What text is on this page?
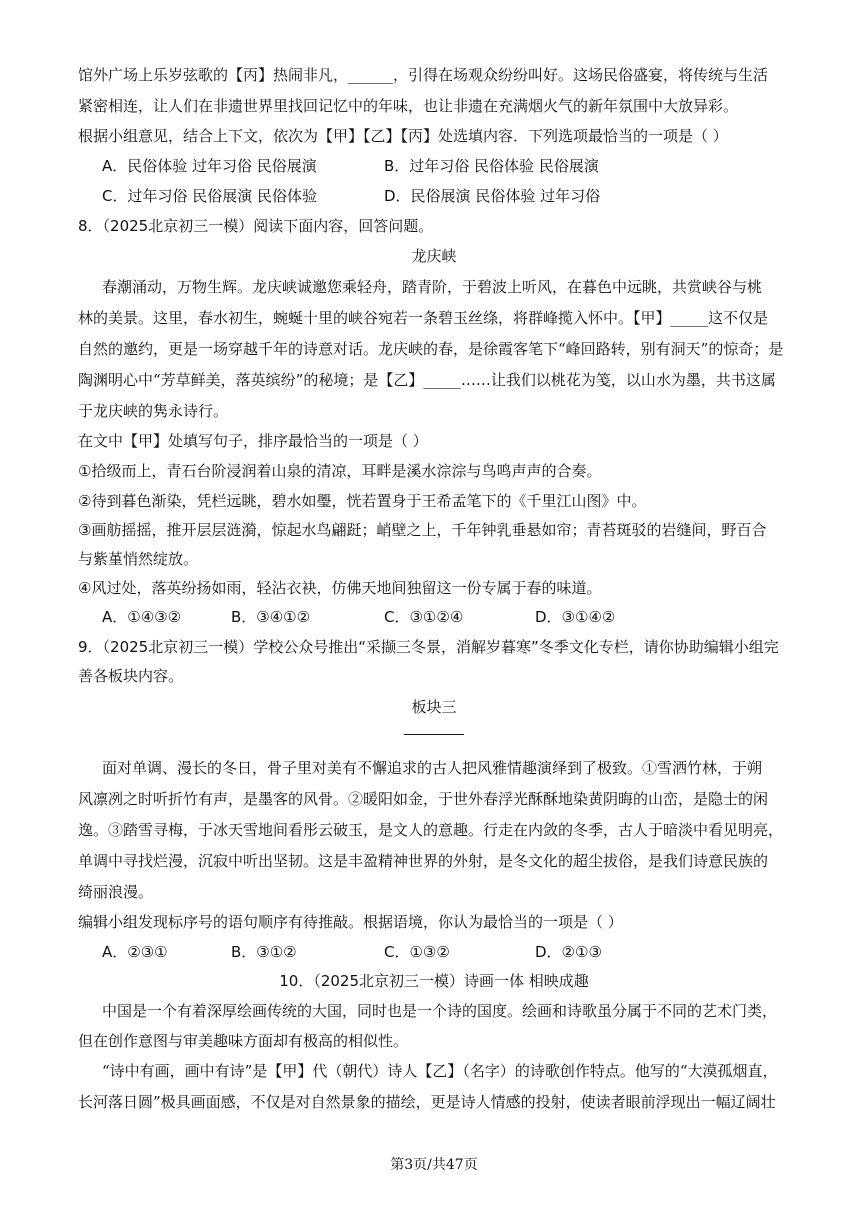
馆外广场上乐岁弦歌的【丙】热闹非凡，______，引得在场观众纷纷叫好。这场民俗盛宴，将传统与生活
紧密相连，让人们在非遗世界里找回记忆中的年味，也让非遗在充满烟火气的新年氛围中大放异彩。
根据小组意见，结合上下文，依次为【甲】【乙】【丙】处选填内容．下列选项最恰当的一项是（ ）
A．民俗体验 过年习俗 民俗展演	B．过年习俗 民俗体验 民俗展演
C．过年习俗 民俗展演 民俗体验	D．民俗展演 民俗体验 过年习俗
8．（2025北京初三一模）阅读下面内容，回答问题。
龙庆峡
春潮涌动，万物生辉。龙庆峡诚邀您乘轻舟，踏青阶，于碧波上听风，在暮色中远眺，共赏峡谷与桃
林的美景。这里，春水初生，蜿蜒十里的峡谷宛若一条碧玉丝绦，将群峰揽入怀中。【甲】_____这不仅是
自然的邀约，更是一场穿越千年的诗意对话。龙庆峡的春，是徐霞客笔下“峰回路转，别有洞天”的惊奇；是
陶渊明心中“芳草鲜美，落英缤纷”的秘境；是【乙】_____……让我们以桃花为笺，以山水为墨，共书这属
于龙庆峡的隽永诗行。
在文中【甲】处填写句子，排序最恰当的一项是（ ）
①拾级而上，青石台阶浸润着山泉的清凉，耳畔是溪水淙淙与鸟鸣声声的合奏。
②待到暮色渐染，凭栏远眺，碧水如璺，恍若置身于王希孟笔下的《千里江山图》中。
③画舫摇摇，推开层层涟漪，惊起水鸟翩跹；峭壁之上，千年钟乳垂悬如帘；青苔斑驳的岩缝间，野百合
与紫堇悄然绽放。
④风过处，落英纷扬如雨，轻沾衣袂，仿佛天地间独留这一份专属于春的味道。
A．①④③②	B．③④①②	C．③①②④	D．③①④②
9．（2025北京初三一模）学校公众号推出“采撷三冬景，消解岁暮寒”冬季文化专栏，请你协助编辑小组完
善各板块内容。
板块三
面对单调、漫长的冬日，骨子里对美有不懈追求的古人把风雅情趣演绎到了极致。①雪洒竹林，于朔
风凛冽之时听折竹有声，是墨客的风骨。②暖阳如金，于世外春浮光酥酥地染黄阴晦的山峦，是隐士的闲
逸。③踏雪寻梅，于冰天雪地间看彤云破玉，是文人的意趣。行走在内敛的冬季，古人于暗淡中看见明亮，
单调中寻找烂漫，沉寂中听出坚韧。这是丰盈精神世界的外射，是冬文化的超尘拔俗，是我们诗意民族的
绮丽浪漫。
编辑小组发现标序号的语句顺序有待推敲。根据语境，你认为最恰当的一项是（ ）
A．②③①	B．③①②	C．①③②	D．②①③
10．（2025北京初三一模）诗画一体 相映成趣
中国是一个有着深厚绘画传统的大国，同时也是一个诗的国度。绘画和诗歌虽分属于不同的艺术门类，
但在创作意图与审美趣味方面却有极高的相似性。
“诗中有画，画中有诗”是【甲】代（朝代）诗人【乙】（名字）的诗歌创作特点。他写的“大漠孤烟直，
长河落日圆”极具画面感，不仅是对自然景象的描绘，更是诗人情感的投射，使读者眼前浮现出一幅辽阔壮
第3页/共47页
